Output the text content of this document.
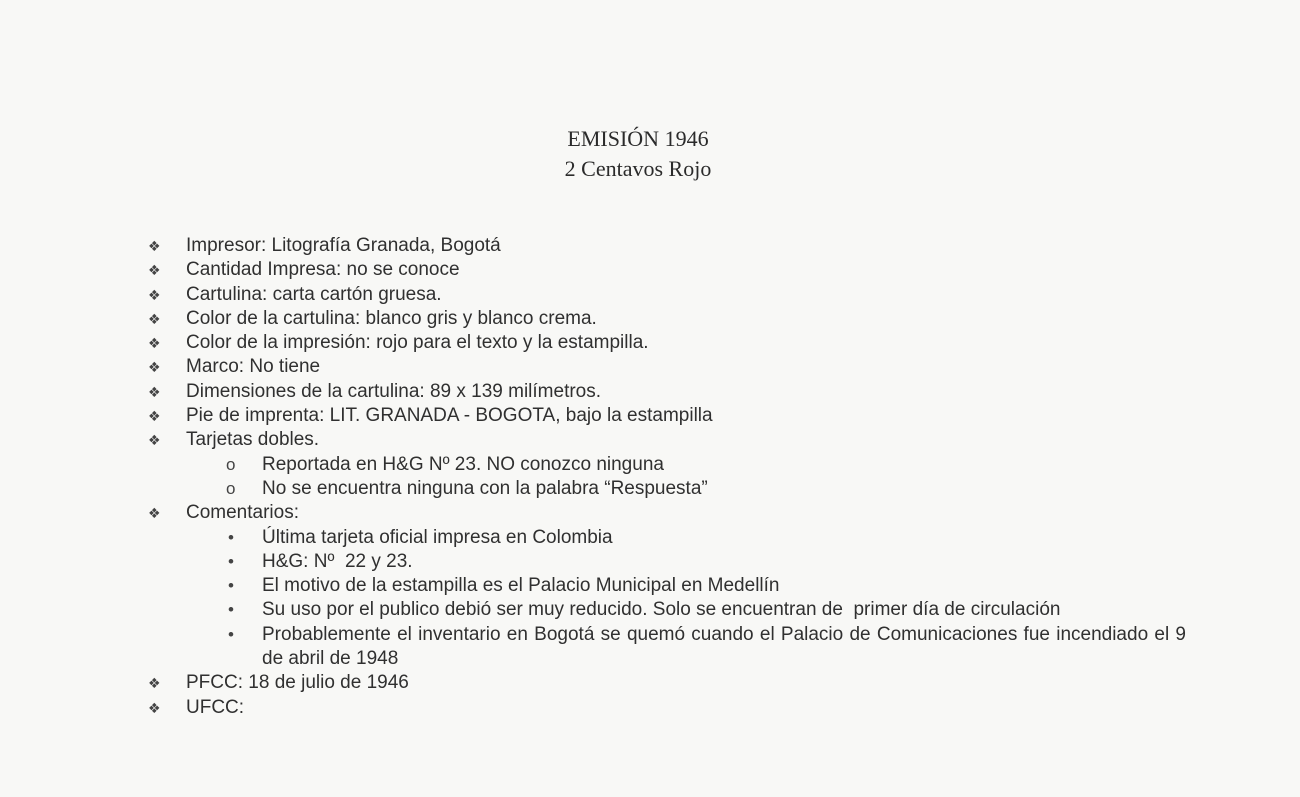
EMISIÓN 1946
2 Centavos Rojo
❖	Impresor: Litografía Granada, Bogotá
❖	Cantidad Impresa: no se conoce
❖	Cartulina: carta cartón gruesa.
❖	Color de la cartulina: blanco gris y blanco crema.
❖	Color de la impresión: rojo para el texto y la estampilla.
❖	Marco: No tiene
❖	Dimensiones de la cartulina: 89 x 139 milímetros.
❖	Pie de imprenta: LIT. GRANADA - BOGOTA, bajo la estampilla
❖	Tarjetas dobles.
o	Reportada en H&G Nº 23. NO conozco ninguna
o	No se encuentra ninguna con la palabra “Respuesta”
❖	Comentarios:
•	Última tarjeta oficial impresa en Colombia
•	H&G: Nº  22 y 23.
•	El motivo de la estampilla es el Palacio Municipal en Medellín
•	Su uso por el publico debió ser muy reducido. Solo se encuentran de  primer día de circulación
•	Probablemente el inventario en Bogotá se quemó cuando el Palacio de Comunicaciones fue incendiado el 9 de abril de 1948
❖	PFCC: 18 de julio de 1946
❖	UFCC:
